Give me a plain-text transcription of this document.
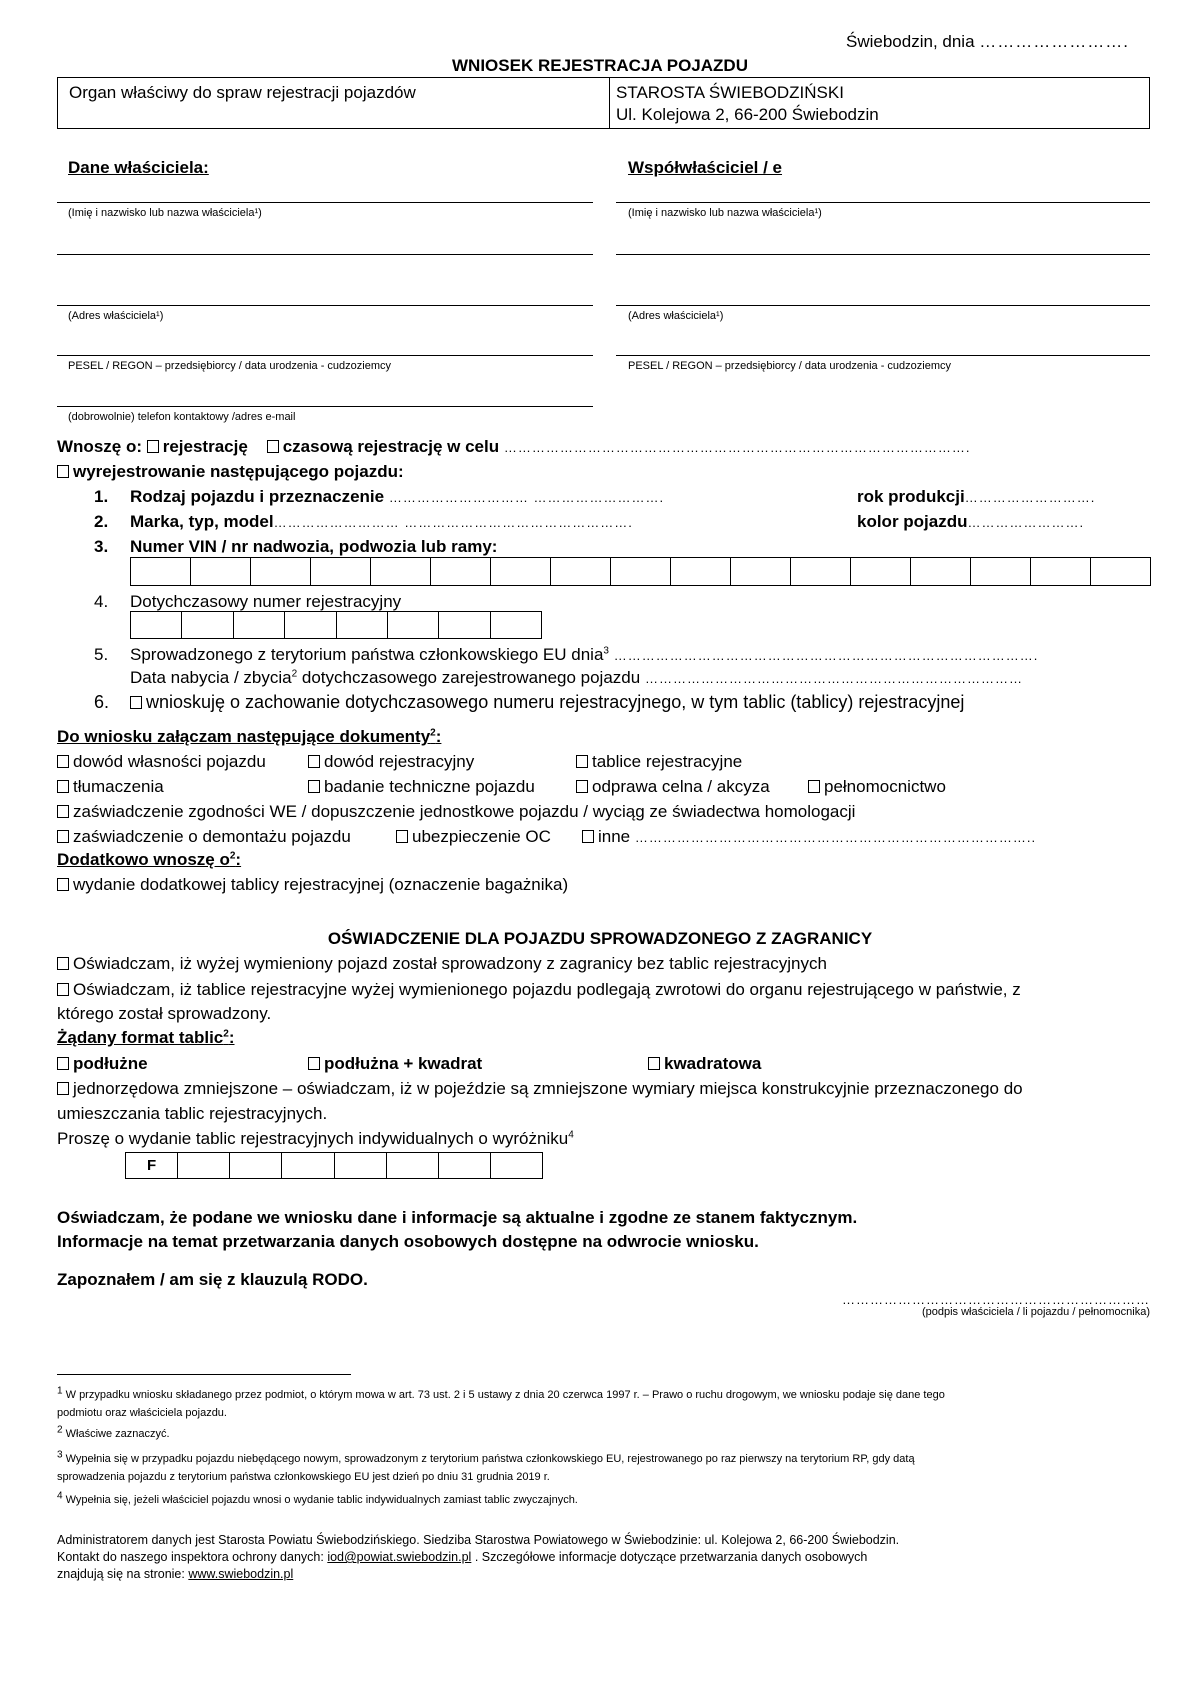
Świebodzin, dnia …………………….
WNIOSEK REJESTRACJA POJAZDU
Organ właściwy do spraw rejestracji pojazdów	STAROSTA ŚWIEBODZIŃSKI
Ul. Kolejowa 2, 66-200 Świebodzin
Dane właściciela:
(Imię i nazwisko lub nazwa właściciela¹)
(Adres właściciela¹)
PESEL / REGON – przedsiębiorcy / data urodzenia - cudzoziemcy
(dobrowolnie) telefon kontaktowy /adres e-mail
Współwłaściciel / e
(Imię i nazwisko lub nazwa właściciela¹)
(Adres właściciela¹)
PESEL / REGON – przedsiębiorcy / data urodzenia - cudzoziemcy
Wnoszę o: rejestrację czasową rejestrację w celu ……………………………………………………………………………………….
wyrejestrowanie następującego pojazdu:
1. Rodzaj pojazdu i przeznaczenie ………………………… ……………………….	rok produkcji……………………….
2. Marka, typ, model……………………… ………………………………………….	kolor pojazdu…………………….
3. Numer VIN / nr nadwozia, podwozia lub ramy:
4. Dotychczasowy numer rejestracyjny
5. Sprowadzonego z terytorium państwa członkowskiego EU dnia$^3$ ……………………………………………………………………………….
Data nabycia / zbycia$^2$ dotychczasowego zarejestrowanego pojazdu ………………………………………………………………………
6.	wnioskuję o zachowanie dotychczasowego numeru rejestracyjnego, w tym tablic (tablicy) rejestracyjnej
Do wniosku załączam następujące dokumenty$^2$:
dowód własności pojazdu	dowód rejestracyjny	tablice rejestracyjne
tłumaczenia	badanie techniczne pojazdu	odprawa celna / akcyza	pełnomocnictwo
zaświadczenie zgodności WE / dopuszczenie jednostkowe pojazdu / wyciąg ze świadectwa homologacji
zaświadczenie o demontażu pojazdu	ubezpieczenie OC	inne …………………………………………………………………………..
Dodatkowo wnoszę $o^2$:
wydanie dodatkowej tablicy rejestracyjnej (oznaczenie bagażnika)
OŚWIADCZENIE DLA POJAZDU SPROWADZONEGO Z ZAGRANICY
Oświadczam, iż wyżej wymieniony pojazd został sprowadzony z zagranicy bez tablic rejestracyjnych
Oświadczam, iż tablice rejestracyjne wyżej wymienionego pojazdu podlegają zwrotowi do organu rejestrującego w państwie, z
którego został sprowadzony.
Żądany format tablic$^2$:
podłużne	podłużna + kwadrat	kwadratowa
jednorzędowa zmniejszone – oświadczam, iż w pojeździe są zmniejszone wymiary miejsca konstrukcyjnie przeznaczonego do
umieszczania tablic rejestracyjnych.
Proszę o wydanie tablic rejestracyjnych indywidualnych o wyróżniku$^4$
F
Oświadczam, że podane we wniosku dane i informacje są aktualne i zgodne ze stanem faktycznym.
Informacje na temat przetwarzania danych osobowych dostępne na odwrocie wniosku.
Zapoznałem / am się z klauzulą RODO.
…………………………………………………………
(podpis właściciela / li pojazdu / pełnomocnika)
1 W przypadku wniosku składanego przez podmiot, o którym mowa w art. 73 ust. 2 i 5 ustawy z dnia 20 czerwca 1997 r. – Prawo o ruchu drogowym, we wniosku podaje się dane tego
podmiotu oraz właściciela pojazdu.
2 Właściwe zaznaczyć.
3 Wypełnia się w przypadku pojazdu niebędącego nowym, sprowadzonym z terytorium państwa członkowskiego EU, rejestrowanego po raz pierwszy na terytorium RP, gdy datą
sprowadzenia pojazdu z terytorium państwa członkowskiego EU jest dzień po dniu 31 grudnia 2019 r.
4 Wypełnia się, jeżeli właściciel pojazdu wnosi o wydanie tablic indywidualnych zamiast tablic zwyczajnych.
Administratorem danych jest Starosta Powiatu Świebodzińskiego. Siedziba Starostwa Powiatowego w Świebodzinie: ul. Kolejowa 2, 66-200 Świebodzin.
Kontakt do naszego inspektora ochrony danych: iod@powiat.swiebodzin.pl . Szczegółowe informacje dotyczące przetwarzania danych osobowych
znajdują się na stronie: www.swiebodzin.pl
